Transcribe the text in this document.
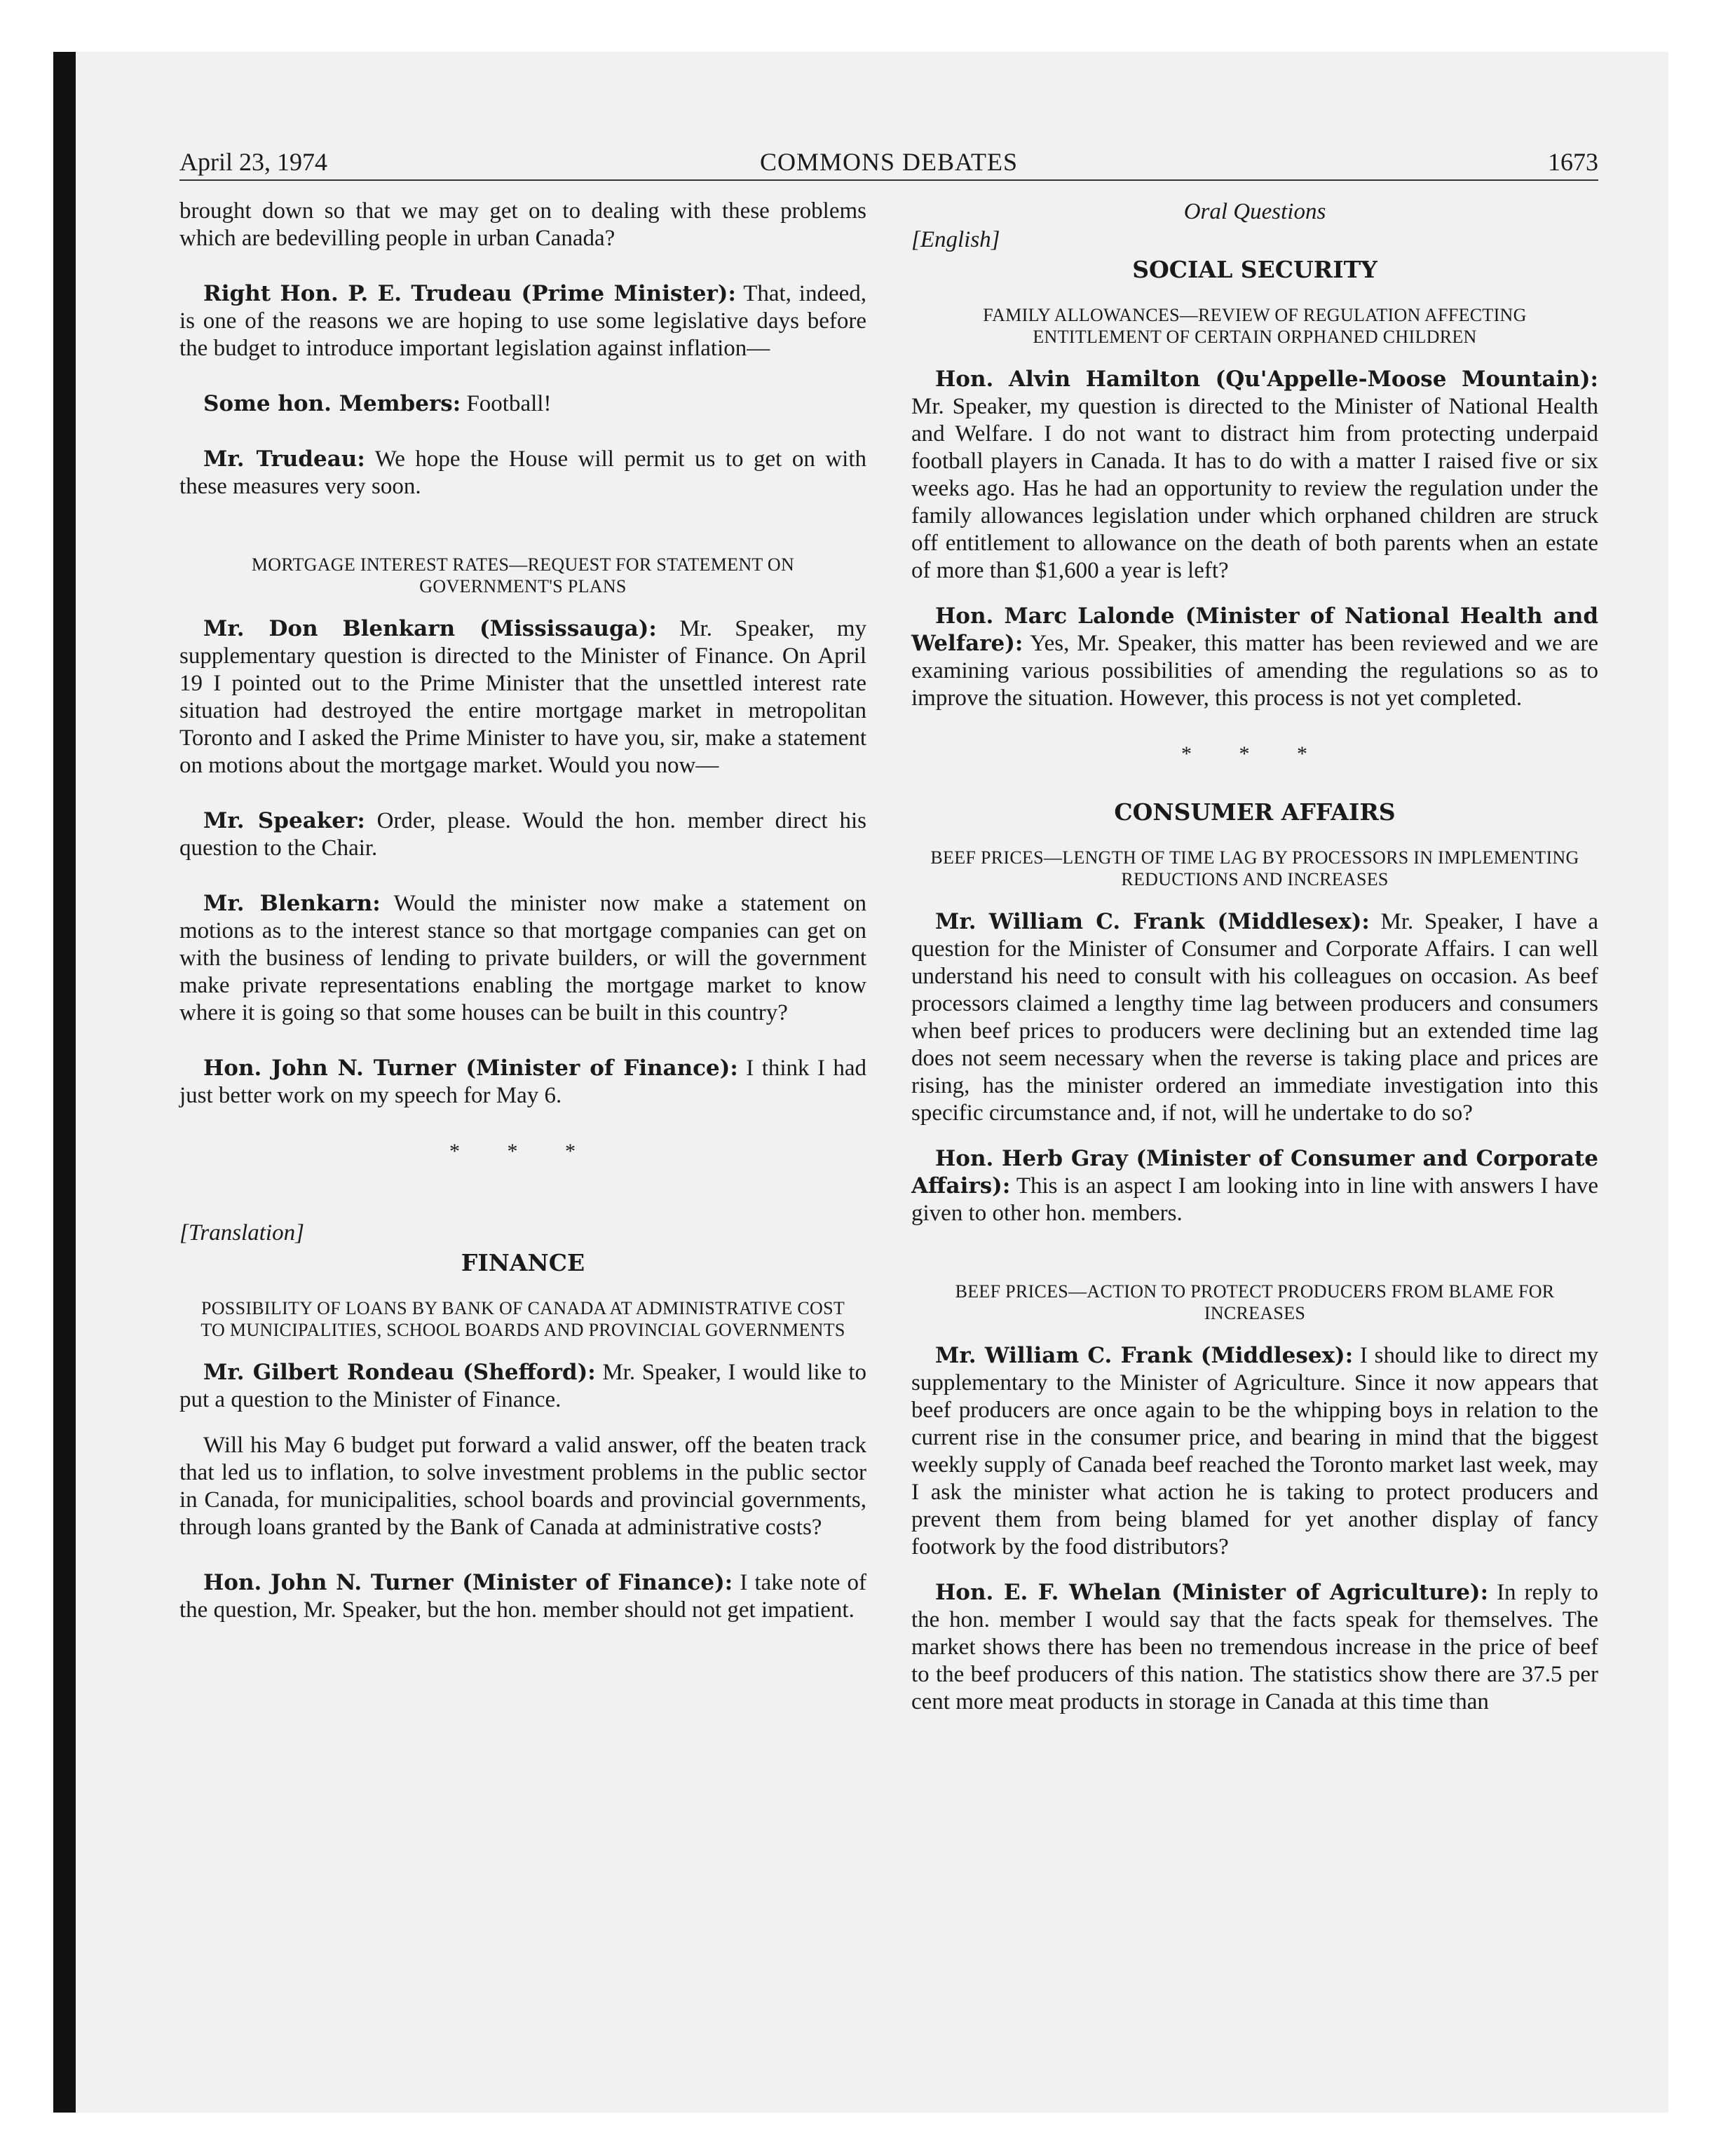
April 23, 1974	COMMONS DEBATES	1673

brought down so that we may get on to dealing with these problems which are bedevilling people in urban Canada?

Right Hon. P. E. Trudeau (Prime Minister): That, indeed, is one of the reasons we are hoping to use some legislative days before the budget to introduce important legislation against inflation—

Some hon. Members: Football!

Mr. Trudeau: We hope the House will permit us to get on with these measures very soon.

MORTGAGE INTEREST RATES—REQUEST FOR STATEMENT ON GOVERNMENT'S PLANS

Mr. Don Blenkarn (Mississauga): Mr. Speaker, my supplementary question is directed to the Minister of Finance. On April 19 I pointed out to the Prime Minister that the unsettled interest rate situation had destroyed the entire mortgage market in metropolitan Toronto and I asked the Prime Minister to have you, sir, make a statement on motions about the mortgage market. Would you now—

Mr. Speaker: Order, please. Would the hon. member direct his question to the Chair.

Mr. Blenkarn: Would the minister now make a statement on motions as to the interest stance so that mortgage companies can get on with the business of lending to private builders, or will the government make private representations enabling the mortgage market to know where it is going so that some houses can be built in this country?

Hon. John N. Turner (Minister of Finance): I think I had just better work on my speech for May 6.

* * *
[Translation]
FINANCE
POSSIBILITY OF LOANS BY BANK OF CANADA AT ADMINISTRATIVE COST TO MUNICIPALITIES, SCHOOL BOARDS AND PROVINCIAL GOVERNMENTS

Mr. Gilbert Rondeau (Shefford): Mr. Speaker, I would like to put a question to the Minister of Finance.

Will his May 6 budget put forward a valid answer, off the beaten track that led us to inflation, to solve investment problems in the public sector in Canada, for municipalities, school boards and provincial governments, through loans granted by the Bank of Canada at administrative costs?

Hon. John N. Turner (Minister of Finance): I take note of the question, Mr. Speaker, but the hon. member should not get impatient.

Oral Questions
[English]
SOCIAL SECURITY
FAMILY ALLOWANCES—REVIEW OF REGULATION AFFECTING ENTITLEMENT OF CERTAIN ORPHANED CHILDREN

Hon. Alvin Hamilton (Qu'Appelle-Moose Mountain): Mr. Speaker, my question is directed to the Minister of National Health and Welfare. I do not want to distract him from protecting underpaid football players in Canada. It has to do with a matter I raised five or six weeks ago. Has he had an opportunity to review the regulation under the family allowances legislation under which orphaned children are struck off entitlement to allowance on the death of both parents when an estate of more than $1,600 a year is left?

Hon. Marc Lalonde (Minister of National Health and Welfare): Yes, Mr. Speaker, this matter has been reviewed and we are examining various possibilities of amending the regulations so as to improve the situation. However, this process is not yet completed.

* * *
CONSUMER AFFAIRS
BEEF PRICES—LENGTH OF TIME LAG BY PROCESSORS IN IMPLEMENTING REDUCTIONS AND INCREASES

Mr. William C. Frank (Middlesex): Mr. Speaker, I have a question for the Minister of Consumer and Corporate Affairs. I can well understand his need to consult with his colleagues on occasion. As beef processors claimed a lengthy time lag between producers and consumers when beef prices to producers were declining but an extended time lag does not seem necessary when the reverse is taking place and prices are rising, has the minister ordered an immediate investigation into this specific circumstance and, if not, will he undertake to do so?

Hon. Herb Gray (Minister of Consumer and Corporate Affairs): This is an aspect I am looking into in line with answers I have given to other hon. members.

BEEF PRICES—ACTION TO PROTECT PRODUCERS FROM BLAME FOR INCREASES

Mr. William C. Frank (Middlesex): I should like to direct my supplementary to the Minister of Agriculture. Since it now appears that beef producers are once again to be the whipping boys in relation to the current rise in the consumer price, and bearing in mind that the biggest weekly supply of Canada beef reached the Toronto market last week, may I ask the minister what action he is taking to protect producers and prevent them from being blamed for yet another display of fancy footwork by the food distributors?

Hon. E. F. Whelan (Minister of Agriculture): In reply to the hon. member I would say that the facts speak for themselves. The market shows there has been no tremendous increase in the price of beef to the beef producers of this nation. The statistics show there are 37.5 per cent more meat products in storage in Canada at this time than
